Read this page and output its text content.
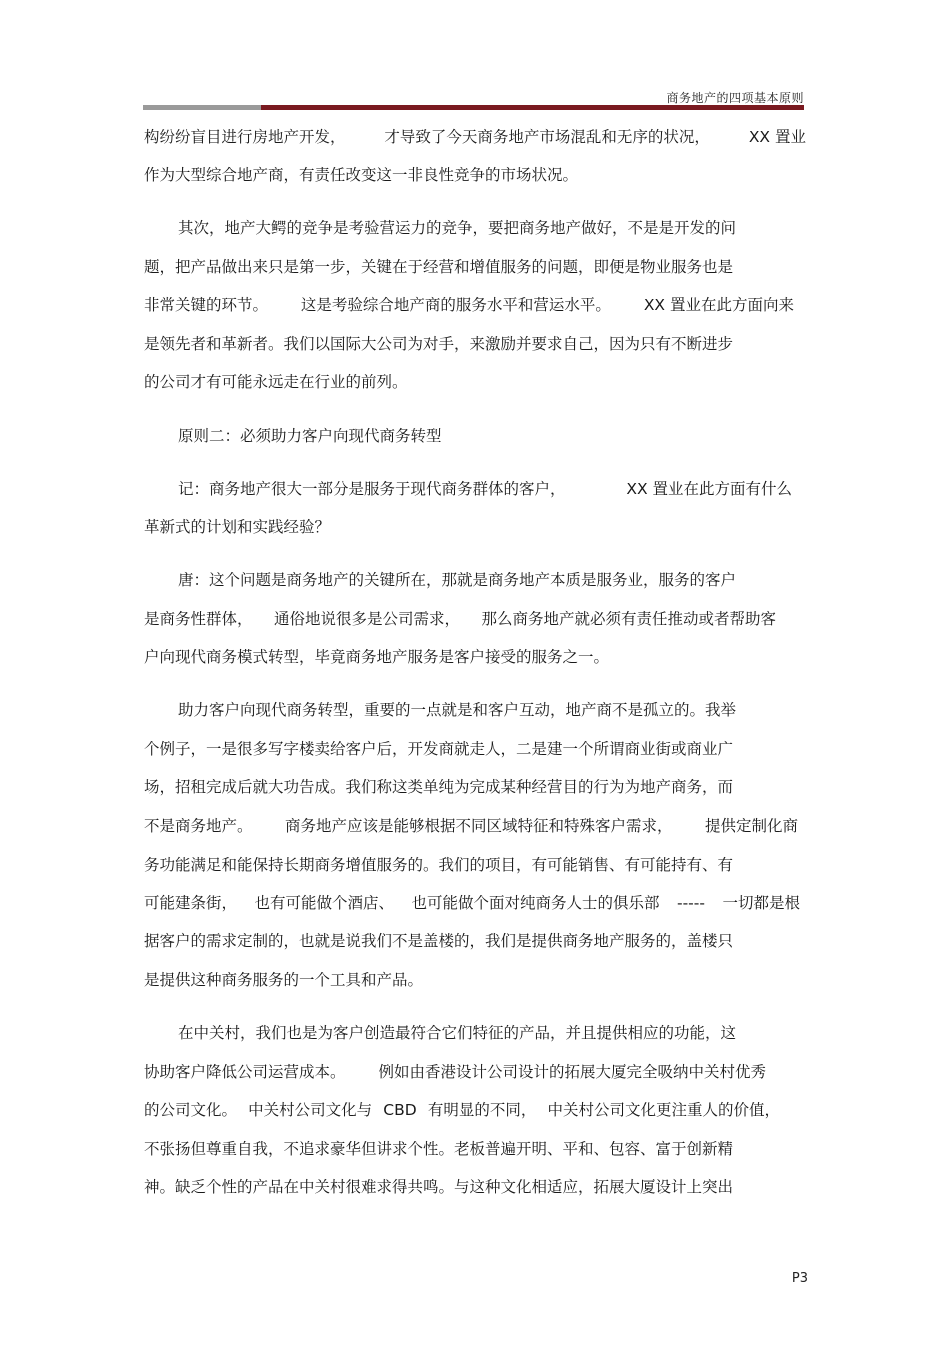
商务地产的四项基本原则
构纷纷盲目进行房地产开发，	才导致了今天商务地产市场混乱和无序的状况，	XX 置业
作为大型综合地产商，有责任改变这一非良性竞争的市场状况。
其次，地产大鳄的竞争是考验营运力的竞争，要把商务地产做好，不是是开发的问
题，把产品做出来只是第一步，关键在于经营和增值服务的问题，即便是物业服务也是
非常关键的环节。 这是考验综合地产商的服务水平和营运水平。 XX 置业在此方面向来
是领先者和革新者。我们以国际大公司为对手，来激励并要求自己，因为只有不断进步
的公司才有可能永远走在行业的前列。
原则二：必须助力客户向现代商务转型
记：商务地产很大一部分是服务于现代商务群体的客户，	XX 置业在此方面有什么
革新式的计划和实践经验？
唐：这个问题是商务地产的关键所在，那就是商务地产本质是服务业，服务的客户
是商务性群体， 通俗地说很多是公司需求， 那么商务地产就必须有责任推动或者帮助客
户向现代商务模式转型，毕竟商务地产服务是客户接受的服务之一。
助力客户向现代商务转型，重要的一点就是和客户互动，地产商不是孤立的。我举
个例子，一是很多写字楼卖给客户后，开发商就走人，二是建一个所谓商业街或商业广
场，招租完成后就大功告成。我们称这类单纯为完成某种经营目的行为为地产商务，而
不是商务地产。 商务地产应该是能够根据不同区域特征和特殊客户需求， 提供定制化商
务功能满足和能保持长期商务增值服务的。我们的项目，有可能销售、有可能持有、有
可能建条街， 也有可能做个酒店、 也可能做个面对纯商务人士的俱乐部 ----- 一切都是根
据客户的需求定制的，也就是说我们不是盖楼的，我们是提供商务地产服务的，盖楼只
是提供这种商务服务的一个工具和产品。
在中关村，我们也是为客户创造最符合它们特征的产品，并且提供相应的功能，这
协助客户降低公司运营成本。 例如由香港设计公司设计的拓展大厦完全吸纳中关村优秀
的公司文化。 中关村公司文化与 CBD 有明显的不同， 中关村公司文化更注重人的价值，
不张扬但尊重自我，不追求豪华但讲求个性。老板普遍开明、平和、包容、富于创新精
神。缺乏个性的产品在中关村很难求得共鸣。与这种文化相适应，拓展大厦设计上突出
P3
